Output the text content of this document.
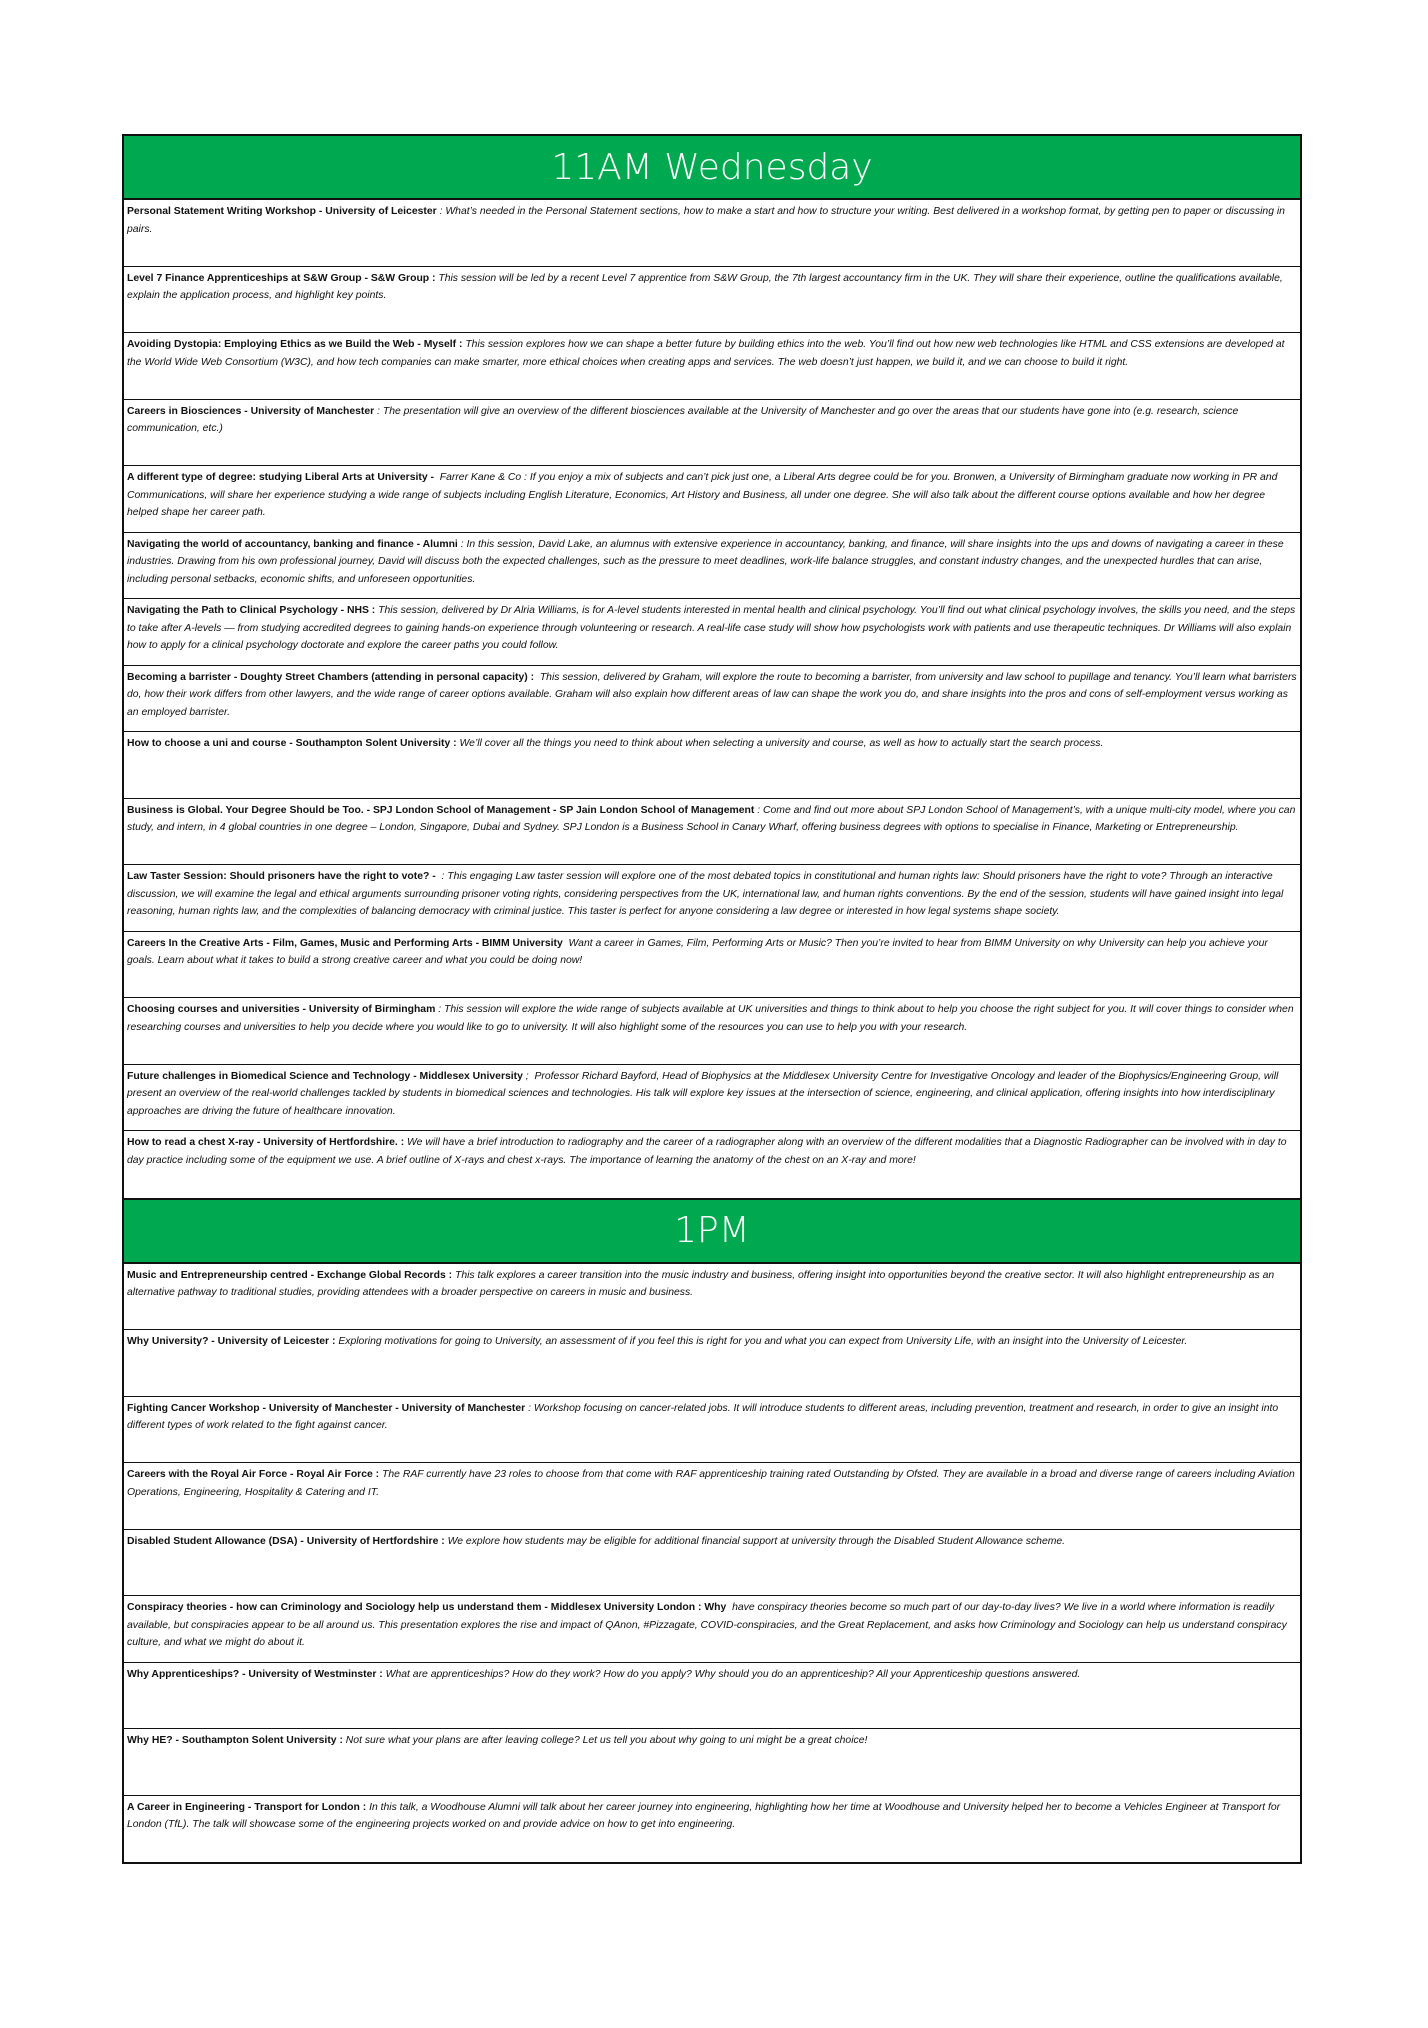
11AM Wednesday
Personal Statement Writing Workshop - University of Leicester : What’s needed in the Personal Statement sections, how to make a start and how to structure your writing. Best delivered in a workshop format, by getting pen to paper or discussing in pairs.
Level 7 Finance Apprenticeships at S&W Group - S&W Group : This session will be led by a recent Level 7 apprentice from S&W Group, the 7th largest accountancy firm in the UK. They will share their experience, outline the qualifications available, explain the application process, and highlight key points.
Avoiding Dystopia: Employing Ethics as we Build the Web - Myself : This session explores how we can shape a better future by building ethics into the web. You’ll find out how new web technologies like HTML and CSS extensions are developed at the World Wide Web Consortium (W3C), and how tech companies can make smarter, more ethical choices when creating apps and services. The web doesn’t just happen, we build it, and we can choose to build it right.
Careers in Biosciences - University of Manchester : The presentation will give an overview of the different biosciences available at the University of Manchester and go over the areas that our students have gone into (e.g. research, science communication, etc.)
A different type of degree: studying Liberal Arts at University - Farrer Kane & Co : If you enjoy a mix of subjects and can’t pick just one, a Liberal Arts degree could be for you. Bronwen, a University of Birmingham graduate now working in PR and Communications, will share her experience studying a wide range of subjects including English Literature, Economics, Art History and Business, all under one degree. She will also talk about the different course options available and how her degree helped shape her career path.
Navigating the world of accountancy, banking and finance - Alumni : In this session, David Lake, an alumnus with extensive experience in accountancy, banking, and finance, will share insights into the ups and downs of navigating a career in these industries. Drawing from his own professional journey, David will discuss both the expected challenges, such as the pressure to meet deadlines, work-life balance struggles, and constant industry changes, and the unexpected hurdles that can arise, including personal setbacks, economic shifts, and unforeseen opportunities.
Navigating the Path to Clinical Psychology - NHS : This session, delivered by Dr Alria Williams, is for A-level students interested in mental health and clinical psychology. You’ll find out what clinical psychology involves, the skills you need, and the steps to take after A-levels — from studying accredited degrees to gaining hands-on experience through volunteering or research. A real-life case study will show how psychologists work with patients and use therapeutic techniques. Dr Williams will also explain how to apply for a clinical psychology doctorate and explore the career paths you could follow.
Becoming a barrister - Doughty Street Chambers (attending in personal capacity) : This session, delivered by Graham, will explore the route to becoming a barrister, from university and law school to pupillage and tenancy. You’ll learn what barristers do, how their work differs from other lawyers, and the wide range of career options available. Graham will also explain how different areas of law can shape the work you do, and share insights into the pros and cons of self-employment versus working as an employed barrister.
How to choose a uni and course - Southampton Solent University : We’ll cover all the things you need to think about when selecting a university and course, as well as how to actually start the search process.
Business is Global. Your Degree Should be Too. - SPJ London School of Management - SP Jain London School of Management : Come and find out more about SPJ London School of Management’s, with a unique multi-city model, where you can study, and intern, in 4 global countries in one degree – London, Singapore, Dubai and Sydney. SPJ London is a Business School in Canary Wharf, offering business degrees with options to specialise in Finance, Marketing or Entrepreneurship.
Law Taster Session: Should prisoners have the right to vote? - : This engaging Law taster session will explore one of the most debated topics in constitutional and human rights law: Should prisoners have the right to vote? Through an interactive discussion, we will examine the legal and ethical arguments surrounding prisoner voting rights, considering perspectives from the UK, international law, and human rights conventions. By the end of the session, students will have gained insight into legal reasoning, human rights law, and the complexities of balancing democracy with criminal justice. This taster is perfect for anyone considering a law degree or interested in how legal systems shape society.
Careers In the Creative Arts - Film, Games, Music and Performing Arts - BIMM University Want a career in Games, Film, Performing Arts or Music? Then you’re invited to hear from BIMM University on why University can help you achieve your goals. Learn about what it takes to build a strong creative career and what you could be doing now!
Choosing courses and universities - University of Birmingham : This session will explore the wide range of subjects available at UK universities and things to think about to help you choose the right subject for you. It will cover things to consider when researching courses and universities to help you decide where you would like to go to university. It will also highlight some of the resources you can use to help you with your research.
Future challenges in Biomedical Science and Technology - Middlesex University ;  Professor Richard Bayford, Head of Biophysics at the Middlesex University Centre for Investigative Oncology and leader of the Biophysics/Engineering Group, will present an overview of the real-world challenges tackled by students in biomedical sciences and technologies. His talk will explore key issues at the intersection of science, engineering, and clinical application, offering insights into how interdisciplinary approaches are driving the future of healthcare innovation.
How to read a chest X-ray - University of Hertfordshire. : We will have a brief introduction to radiography and the career of a radiographer along with an overview of the different modalities that a Diagnostic Radiographer can be involved with in day to day practice including some of the equipment we use. A brief outline of X-rays and chest x-rays. The importance of learning the anatomy of the chest on an X-ray and more!
1PM
Music and Entrepreneurship centred - Exchange Global Records : This talk explores a career transition into the music industry and business, offering insight into opportunities beyond the creative sector. It will also highlight entrepreneurship as an alternative pathway to traditional studies, providing attendees with a broader perspective on careers in music and business.
Why University? - University of Leicester : Exploring motivations for going to University, an assessment of if you feel this is right for you and what you can expect from University Life, with an insight into the University of Leicester.
Fighting Cancer Workshop - University of Manchester - University of Manchester : Workshop focusing on cancer-related jobs. It will introduce students to different areas, including prevention, treatment and research, in order to give an insight into different types of work related to the fight against cancer.
Careers with the Royal Air Force - Royal Air Force : The RAF currently have 23 roles to choose from that come with RAF apprenticeship training rated Outstanding by Ofsted. They are available in a broad and diverse range of careers including Aviation Operations, Engineering, Hospitality & Catering and IT.
Disabled Student Allowance (DSA) - University of Hertfordshire : We explore how students may be eligible for additional financial support at university through the Disabled Student Allowance scheme.
Conspiracy theories - how can Criminology and Sociology help us understand them - Middlesex University London : Why have conspiracy theories become so much part of our day-to-day lives? We live in a world where information is readily available, but conspiracies appear to be all around us. This presentation explores the rise and impact of QAnon, #Pizzagate, COVID-conspiracies, and the Great Replacement, and asks how Criminology and Sociology can help us understand conspiracy culture, and what we might do about it.
Why Apprenticeships? - University of Westminster : What are apprenticeships? How do they work? How do you apply? Why should you do an apprenticeship? All your Apprenticeship questions answered.
Why HE? - Southampton Solent University : Not sure what your plans are after leaving college? Let us tell you about why going to uni might be a great choice!
A Career in Engineering - Transport for London : In this talk, a Woodhouse Alumni will talk about her career journey into engineering, highlighting how her time at Woodhouse and University helped her to become a Vehicles Engineer at Transport for London (TfL). The talk will showcase some of the engineering projects worked on and provide advice on how to get into engineering.
